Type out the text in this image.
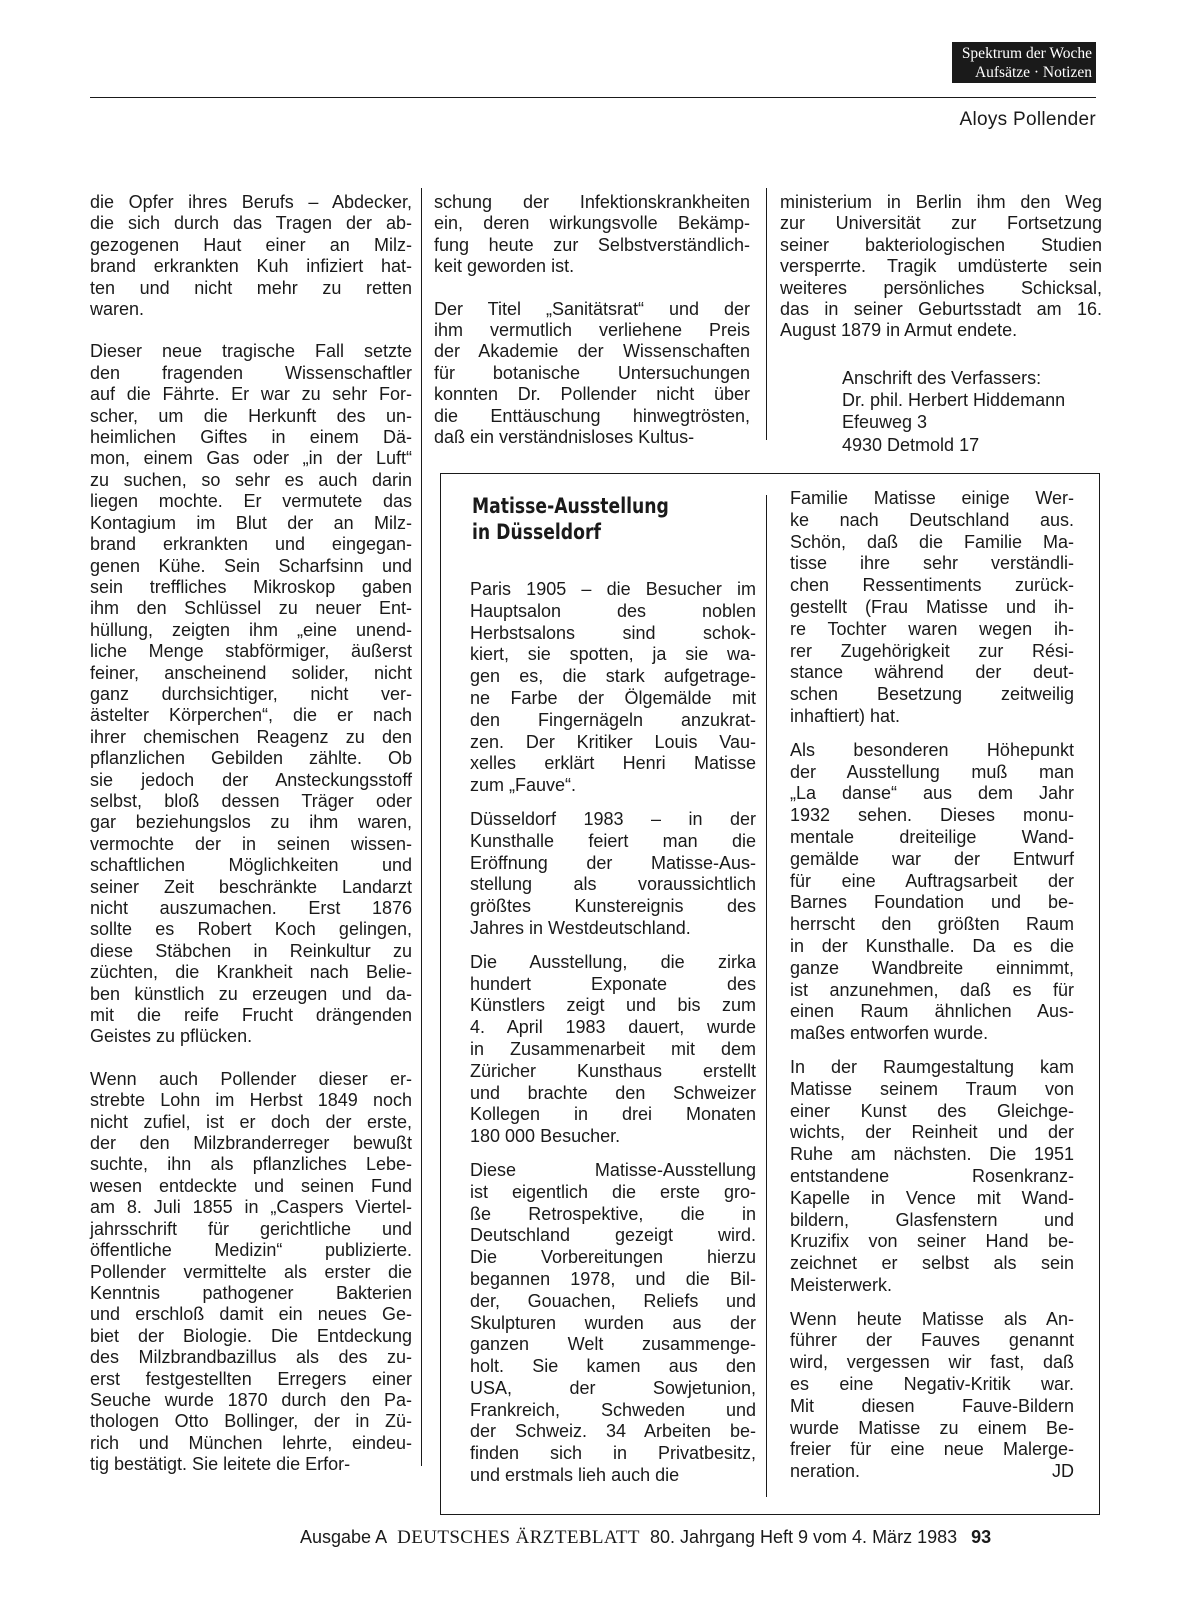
Spektrum der Woche
Aufsätze · Notizen
Aloys Pollender

die Opfer ihres Berufs – Abdecker,
die sich durch das Tragen der ab-
gezogenen Haut einer an Milz-
brand erkrankten Kuh infiziert hat-
ten und nicht mehr zu retten
waren.

Dieser neue tragische Fall setzte
den fragenden Wissenschaftler
auf die Fährte. Er war zu sehr For-
scher, um die Herkunft des un-
heimlichen Giftes in einem Dä-
mon, einem Gas oder „in der Luft“
zu suchen, so sehr es auch darin
liegen mochte. Er vermutete das
Kontagium im Blut der an Milz-
brand erkrankten und eingegan-
genen Kühe. Sein Scharfsinn und
sein treffliches Mikroskop gaben
ihm den Schlüssel zu neuer Ent-
hüllung, zeigten ihm „eine unend-
liche Menge stabförmiger, äußerst
feiner, anscheinend solider, nicht
ganz durchsichtiger, nicht ver-
ästelter Körperchen“, die er nach
ihrer chemischen Reagenz zu den
pflanzlichen Gebilden zählte. Ob
sie jedoch der Ansteckungsstoff
selbst, bloß dessen Träger oder
gar beziehungslos zu ihm waren,
vermochte der in seinen wissen-
schaftlichen Möglichkeiten und
seiner Zeit beschränkte Landarzt
nicht auszumachen. Erst 1876
sollte es Robert Koch gelingen,
diese Stäbchen in Reinkultur zu
züchten, die Krankheit nach Belie-
ben künstlich zu erzeugen und da-
mit die reife Frucht drängenden
Geistes zu pflücken.

Wenn auch Pollender dieser er-
strebte Lohn im Herbst 1849 noch
nicht zufiel, ist er doch der erste,
der den Milzbranderreger bewußt
suchte, ihn als pflanzliches Lebe-
wesen entdeckte und seinen Fund
am 8. Juli 1855 in „Caspers Viertel-
jahrsschrift für gerichtliche und
öffentliche Medizin“ publizierte.
Pollender vermittelte als erster die
Kenntnis pathogener Bakterien
und erschloß damit ein neues Ge-
biet der Biologie. Die Entdeckung
des Milzbrandbazillus als des zu-
erst festgestellten Erregers einer
Seuche wurde 1870 durch den Pa-
thologen Otto Bollinger, der in Zü-
rich und München lehrte, eindeu-
tig bestätigt. Sie leitete die Erfor-

schung der Infektionskrankheiten
ein, deren wirkungsvolle Bekämp-
fung heute zur Selbstverständlich-
keit geworden ist.

Der Titel „Sanitätsrat“ und der
ihm vermutlich verliehene Preis
der Akademie der Wissenschaften
für botanische Untersuchungen
konnten Dr. Pollender nicht über
die Enttäuschung hinwegtrösten,
daß ein verständnisloses Kultus-

ministerium in Berlin ihm den Weg
zur Universität zur Fortsetzung
seiner bakteriologischen Studien
versperrte. Tragik umdüsterte sein
weiteres persönliches Schicksal,
das in seiner Geburtsstadt am 16.
August 1879 in Armut endete.

Anschrift des Verfassers:
Dr. phil. Herbert Hiddemann
Efeuweg 3
4930 Detmold 17
Matisse-Ausstellung
in Düsseldorf

Paris 1905 – die Besucher im
Hauptsalon des noblen
Herbstsalons sind schok-
kiert, sie spotten, ja sie wa-
gen es, die stark aufgetrage-
ne Farbe der Ölgemälde mit
den Fingernägeln anzukrat-
zen. Der Kritiker Louis Vau-
xelles erklärt Henri Matisse
zum „Fauve“.

Düsseldorf 1983 – in der
Kunsthalle feiert man die
Eröffnung der Matisse-Aus-
stellung als voraussichtlich
größtes Kunstereignis des
Jahres in Westdeutschland.

Die Ausstellung, die zirka
hundert Exponate des
Künstlers zeigt und bis zum
4. April 1983 dauert, wurde
in Zusammenarbeit mit dem
Züricher Kunsthaus erstellt
und brachte den Schweizer
Kollegen in drei Monaten
180 000 Besucher.

Diese Matisse-Ausstellung
ist eigentlich die erste gro-
ße Retrospektive, die in
Deutschland gezeigt wird.
Die Vorbereitungen hierzu
begannen 1978, und die Bil-
der, Gouachen, Reliefs und
Skulpturen wurden aus der
ganzen Welt zusammenge-
holt. Sie kamen aus den
USA, der Sowjetunion,
Frankreich, Schweden und
der Schweiz. 34 Arbeiten be-
finden sich in Privatbesitz,
und erstmals lieh auch die

Familie Matisse einige Wer-
ke nach Deutschland aus.
Schön, daß die Familie Ma-
tisse ihre sehr verständli-
chen Ressentiments zurück-
gestellt (Frau Matisse und ih-
re Tochter waren wegen ih-
rer Zugehörigkeit zur Rési-
stance während der deut-
schen Besetzung zeitweilig
inhaftiert) hat.

Als besonderen Höhepunkt
der Ausstellung muß man
„La danse“ aus dem Jahr
1932 sehen. Dieses monu-
mentale dreiteilige Wand-
gemälde war der Entwurf
für eine Auftragsarbeit der
Barnes Foundation und be-
herrscht den größten Raum
in der Kunsthalle. Da es die
ganze Wandbreite einnimmt,
ist anzunehmen, daß es für
einen Raum ähnlichen Aus-
maßes entworfen wurde.

In der Raumgestaltung kam
Matisse seinem Traum von
einer Kunst des Gleichge-
wichts, der Reinheit und der
Ruhe am nächsten. Die 1951
entstandene Rosenkranz-
Kapelle in Vence mit Wand-
bildern, Glasfenstern und
Kruzifix von seiner Hand be-
zeichnet er selbst als sein
Meisterwerk.

Wenn heute Matisse als An-
führer der Fauves genannt
wird, vergessen wir fast, daß
es eine Negativ-Kritik war.
Mit diesen Fauve-Bildern
wurde Matisse zu einem Be-
freier für eine neue Malerge-
neration.	JD

Ausgabe A DEUTSCHES ÄRZTEBLATT 80. Jahrgang Heft 9 vom 4. März 1983 93
